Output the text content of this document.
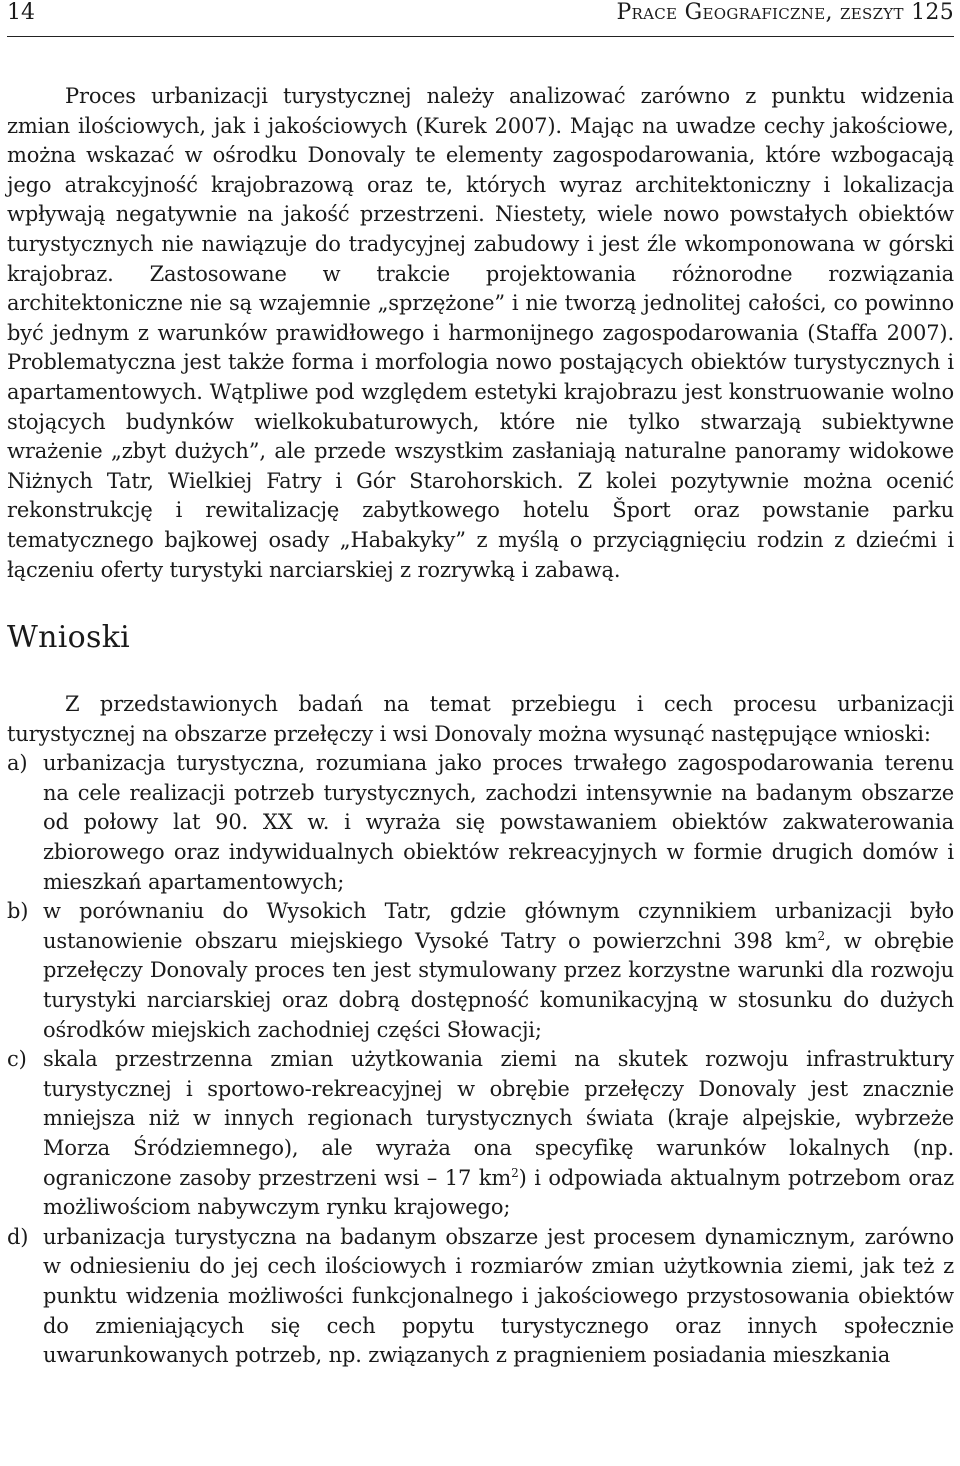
14	Prace Geograficzne, zeszyt 125

Proces urbanizacji turystycznej należy analizować zarówno z punktu widzenia zmian ilościowych, jak i jakościowych (Kurek 2007). Mając na uwadze cechy jakościowe, można wskazać w ośrodku Donovaly te elementy zagospodarowania, które wzbogacają jego atrakcyjność krajobrazową oraz te, których wyraz architektoniczny i lokalizacja wpływają negatywnie na jakość przestrzeni. Niestety, wiele nowo powstałych obiektów turystycznych nie nawiązuje do tradycyjnej zabudowy i jest źle wkomponowana w górski krajobraz. Zastosowane w trakcie projektowania różnorodne rozwiązania architektoniczne nie są wzajemnie „sprzężone” i nie tworzą jednolitej całości, co powinno być jednym z warunków prawidłowego i harmonijnego zagospodarowania (Staffa 2007). Problematyczna jest także forma i morfologia nowo postających obiektów turystycznych i apartamentowych. Wątpliwe pod względem estetyki krajobrazu jest konstruowanie wolno stojących budynków wielkokubaturowych, które nie tylko stwarzają subiektywne wrażenie „zbyt dużych”, ale przede wszystkim zasłaniają naturalne panoramy widokowe Niżnych Tatr, Wielkiej Fatry i Gór Starohorskich. Z kolei pozytywnie można ocenić rekonstrukcję i rewitalizację zabytkowego hotelu Šport oraz powstanie parku tematycznego bajkowej osady „Habakyky” z myślą o przyciągnięciu rodzin z dziećmi i łączeniu oferty turystyki narciarskiej z rozrywką i zabawą.

Wnioski

Z przedstawionych badań na temat przebiegu i cech procesu urbanizacji turystycznej na obszarze przełęczy i wsi Donovaly można wysunąć następujące wnioski:

a) urbanizacja turystyczna, rozumiana jako proces trwałego zagospodarowania terenu na cele realizacji potrzeb turystycznych, zachodzi intensywnie na badanym obszarze od połowy lat 90. XX w. i wyraża się powstawaniem obiektów zakwaterowania zbiorowego oraz indywidualnych obiektów rekreacyjnych w formie drugich domów i mieszkań apartamentowych;
b) w porównaniu do Wysokich Tatr, gdzie głównym czynnikiem urbanizacji było ustanowienie obszaru miejskiego Vysoké Tatry o powierzchni 398 $km^2$, w obrębie przełęczy Donovaly proces ten jest stymulowany przez korzystne warunki dla rozwoju turystyki narciarskiej oraz dobrą dostępność komunikacyjną w stosunku do dużych ośrodków miejskich zachodniej części Słowacji;
c) skala przestrzenna zmian użytkowania ziemi na skutek rozwoju infrastruktury turystycznej i sportowo-rekreacyjnej w obrębie przełęczy Donovaly jest znacznie mniejsza niż w innych regionach turystycznych świata (kraje alpejskie, wybrzeże Morza Śródziemnego), ale wyraża ona specyfikę warunków lokalnych (np. ograniczone zasoby przestrzeni wsi – 17 $km^2$) i odpowiada aktualnym potrzebom oraz możliwościom nabywczym rynku krajowego;
d) urbanizacja turystyczna na badanym obszarze jest procesem dynamicznym, zarówno w odniesieniu do jej cech ilościowych i rozmiarów zmian użytkownia ziemi, jak też z punktu widzenia możliwości funkcjonalnego i jakościowego przystosowania obiektów do zmieniających się cech popytu turystycznego oraz innych społecznie uwarunkowanych potrzeb, np. związanych z pragnieniem posiadania mieszkania
